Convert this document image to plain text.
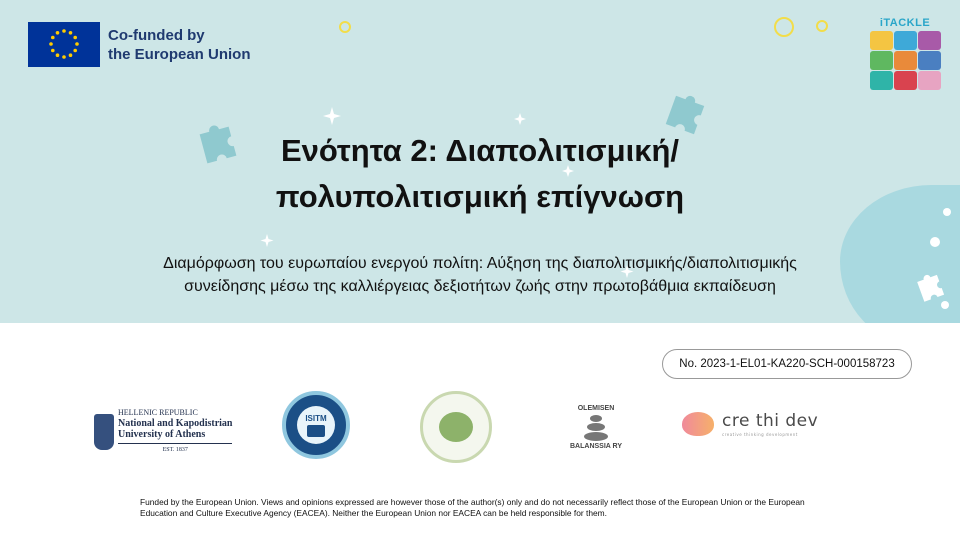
Co-funded by
the European Union
iTACKLE
Ενότητα 2: Διαπολιτισμική/
πολυπολιτισμική επίγνωση

Διαμόρφωση του ευρωπαίου ενεργού πολίτη: Αύξηση της διαπολιτισμικής/διαπολιτισμικής
συνείδησης μέσω της καλλιέργειας δεξιοτήτων ζωής στην πρωτοβάθμια εκπαίδευση

No. 2023-1-EL01-KA220-SCH-000158723
HELLENIC REPUBLIC
National and Kapodistrian
University of Athens
EST. 1837
ISITM
OLEMISEN
BALANSSIA RY
cre thi dev
creative thinking development

Funded by the European Union. Views and opinions expressed are however those of the author(s) only and do not necessarily reflect those of the European Union or the European Education and Culture Executive Agency (EACEA). Neither the European Union nor EACEA can be held responsible for them.
